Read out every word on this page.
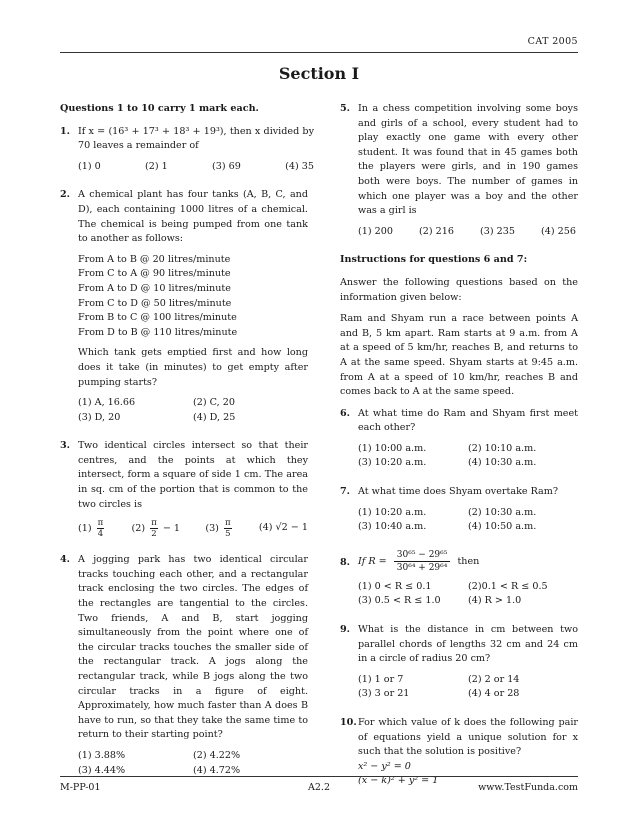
CAT 2005
Section I
Questions 1 to 10 carry 1 mark each.
1. If x = (16³ + 17³ + 18³ + 19³), then x divided by 70 leaves a remainder of
(1) 0	(2) 1	(3) 69	(4) 35
2. A chemical plant has four tanks (A, B, C, and D), each containing 1000 litres of a chemical. The chemical is being pumped from one tank to another as follows:
From A to B @ 20 litres/minute
From C to A @ 90 litres/minute
From A to D @ 10 litres/minute
From C to D @ 50 litres/minute
From B to C @ 100 litres/minute
From D to B @ 110 litres/minute
Which tank gets emptied first and how long does it take (in minutes) to get empty after pumping starts?
(1) A, 16.66	(2) C, 20
(3) D, 20	(4) D, 25
3. Two identical circles intersect so that their centres, and the points at which they intersect, form a square of side 1 cm. The area in sq. cm of the portion that is common to the two circles is
$(1) \frac{\pi}{4}$	$(2) \frac{\pi}{2} - 1$	$(3) \frac{\pi}{5}$	(4) √2 − 1
4. A jogging park has two identical circular tracks touching each other, and a rectangular track enclosing the two circles. The edges of the rectangles are tangential to the circles. Two friends, A and B, start jogging simultaneously from the point where one of the circular tracks touches the smaller side of the rectangular track. A jogs along the rectangular track, while B jogs along the two circular tracks in a figure of eight. Approximately, how much faster than A does B have to run, so that they take the same time to return to their starting point?
(1) 3.88%	(2) 4.22%
(3) 4.44%	(4) 4.72%
5. In a chess competition involving some boys and girls of a school, every student had to play exactly one game with every other student. It was found that in 45 games both the players were girls, and in 190 games both were boys. The number of games in which one player was a boy and the other was a girl is
(1) 200	(2) 216	(3) 235	(4) 256
Instructions for questions 6 and 7:
Answer the following questions based on the information given below:
Ram and Shyam run a race between points A and B, 5 km apart. Ram starts at 9 a.m. from A at a speed of 5 km/hr, reaches B, and returns to A at the same speed. Shyam starts at 9:45 a.m. from A at a speed of 10 km/hr, reaches B and comes back to A at the same speed.
6. At what time do Ram and Shyam first meet each other?
(1) 10:00 a.m.	(2) 10:10 a.m.
(3) 10:20 a.m.	(4) 10:30 a.m.
7. At what time does Shyam overtake Ram?
(1) 10:20 a.m.	(2) 10:30 a.m.
(3) 10:40 a.m.	(4) 10:50 a.m.
8. If $R = \frac{\text{30⁶⁵ − 29⁶⁵}}{\text{30⁶⁴ + 29⁶⁴}}$ then
(1) 0 < R ≤ 0.1	(2)0.1 < R ≤ 0.5
(3) 0.5 < R ≤ 1.0	(4) R > 1.0
9. What is the distance in cm between two parallel chords of lengths 32 cm and 24 cm in a circle of radius 20 cm?
(1) 1 or 7	(2) 2 or 14
(3) 3 or 21	(4) 4 or 28
10. For which value of k does the following pair of equations yield a unique solution for x such that the solution is positive?
x² − y² = 0
(x − k)² + y² = 1
M-PP-01	A2.2	www.TestFunda.com
